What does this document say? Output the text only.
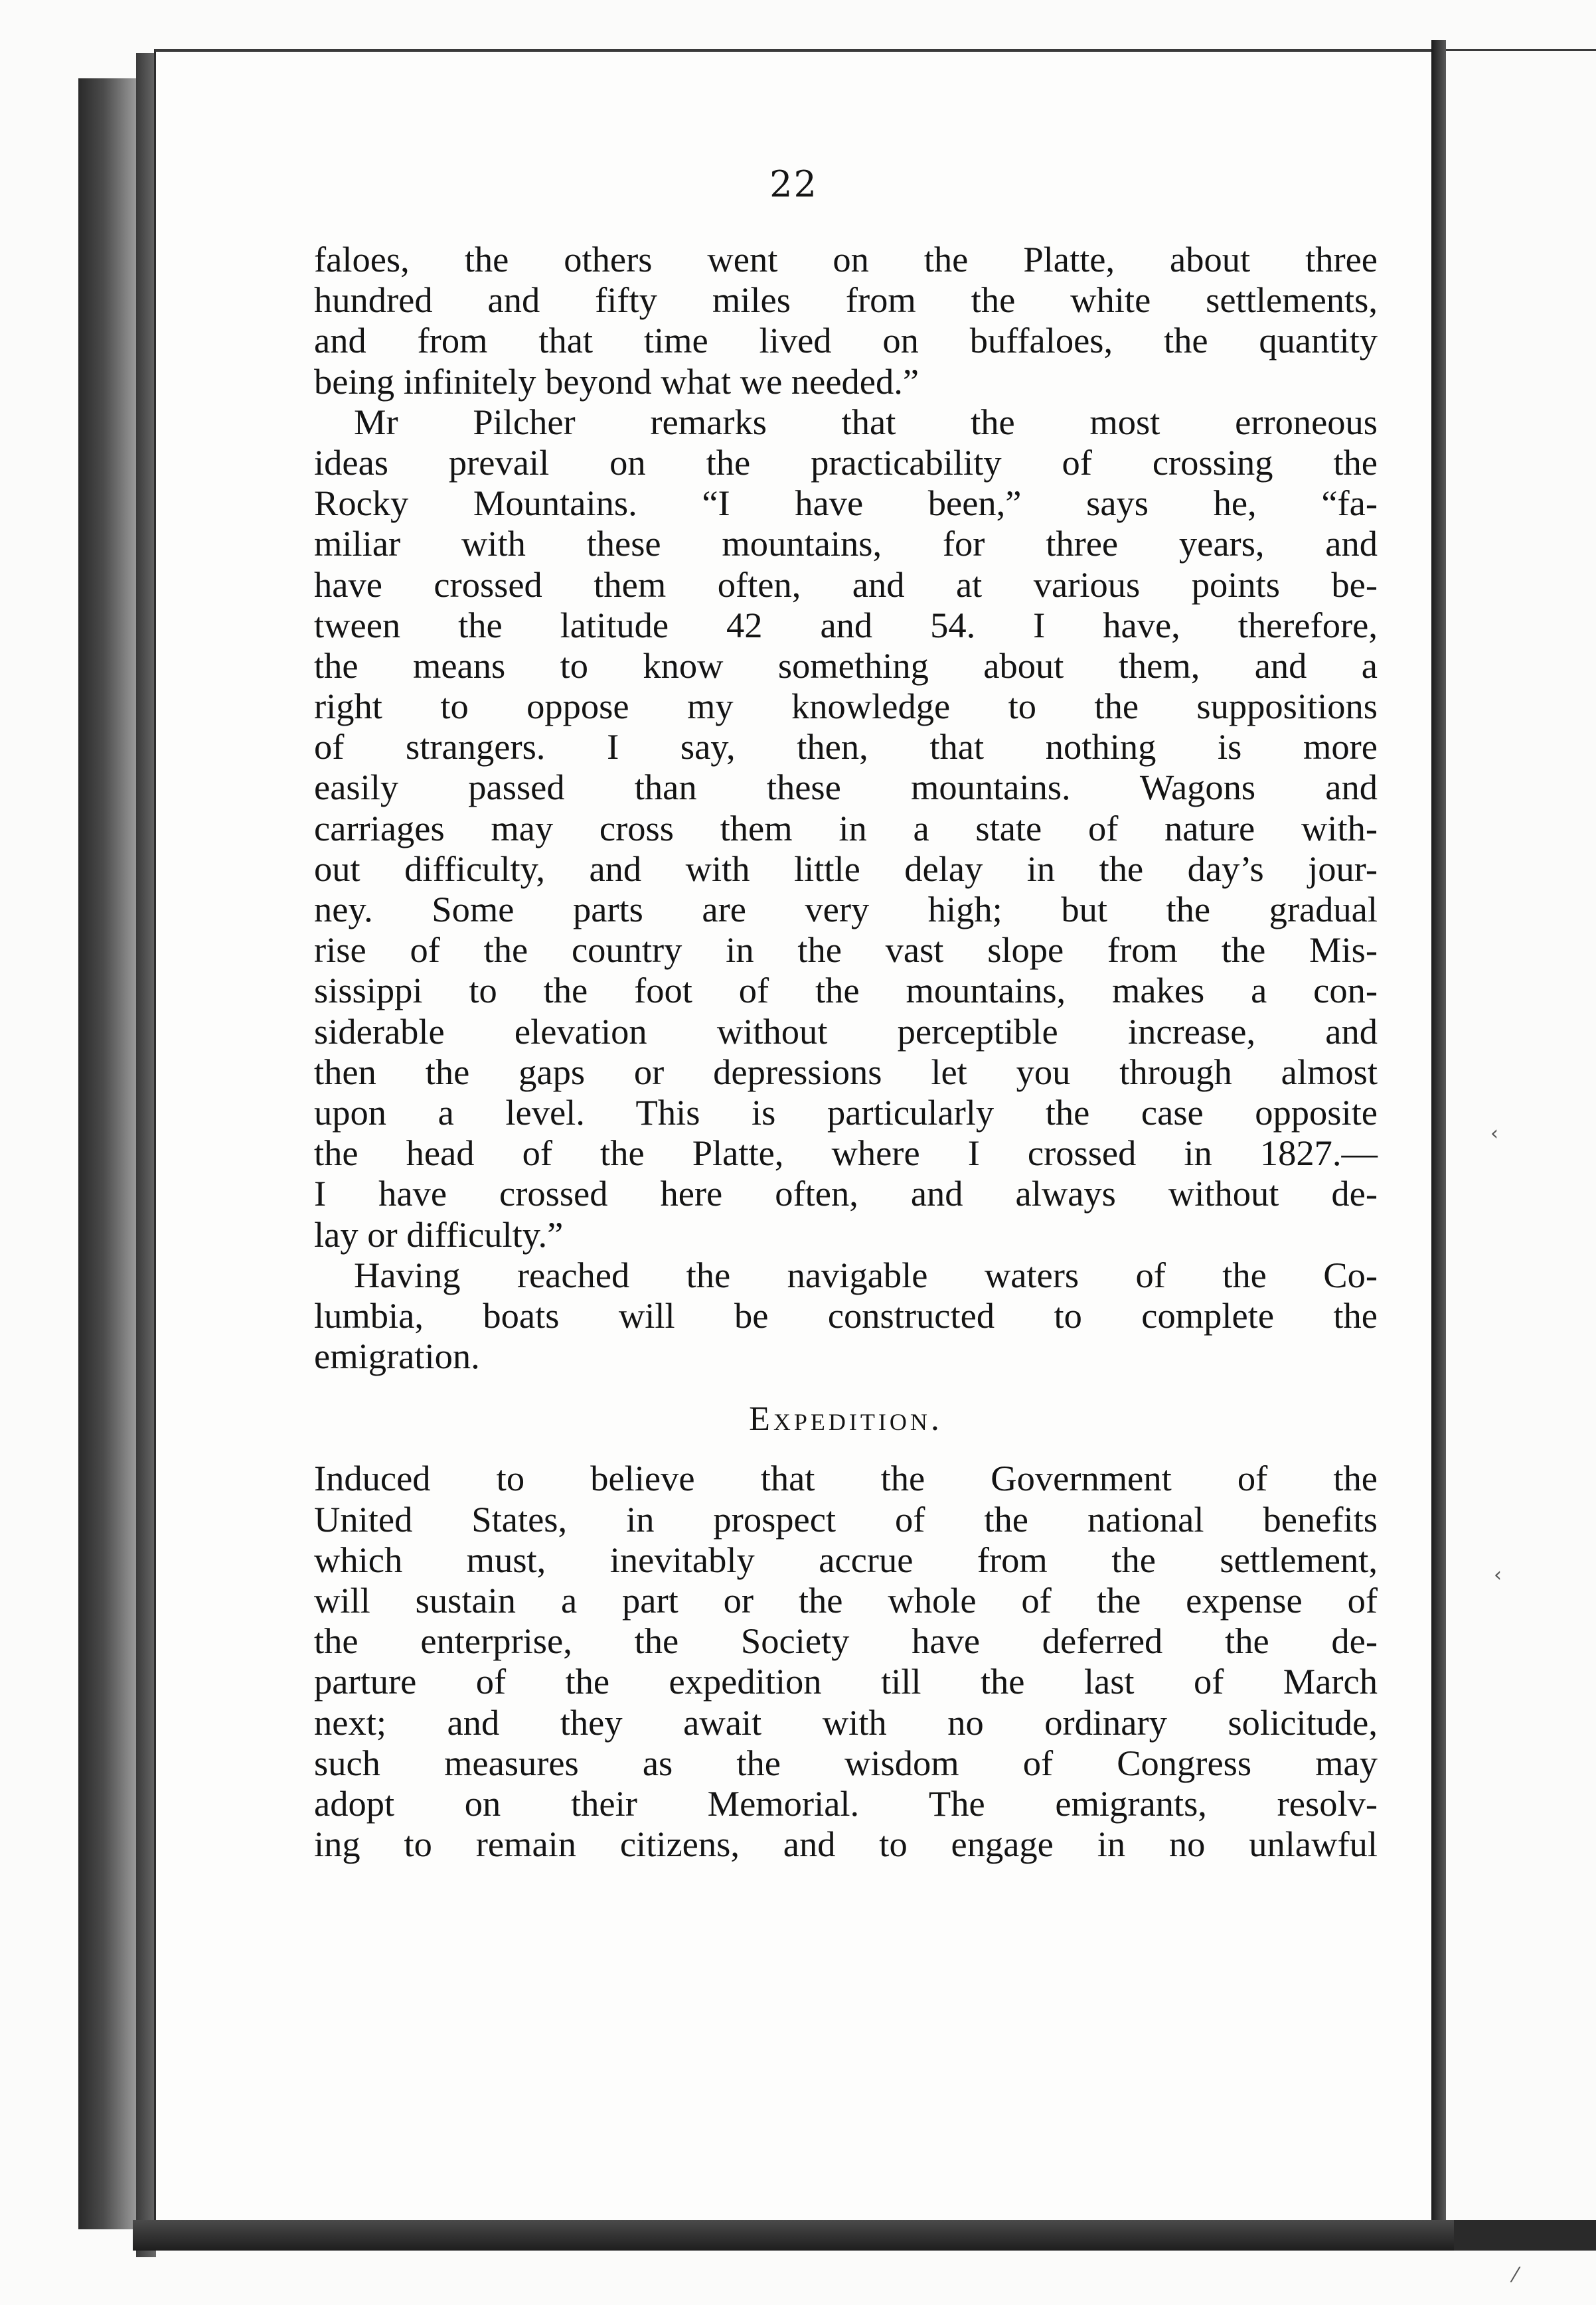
22
faloes, the others went on the Platte, about three
hundred and fifty miles from the white settlements,
and from that time lived on buffaloes, the quantity
being infinitely beyond what we needed.”
Mr Pilcher remarks that the most erroneous
ideas prevail on the practicability of crossing the
Rocky Mountains. “I have been,” says he, “fa-
miliar with these mountains, for three years, and
have crossed them often, and at various points be-
tween the latitude 42 and 54. I have, therefore,
the means to know something about them, and a
right to oppose my knowledge to the suppositions
of strangers. I say, then, that nothing is more
easily passed than these mountains. Wagons and
carriages may cross them in a state of nature with-
out difficulty, and with little delay in the day’s jour-
ney. Some parts are very high; but the gradual
rise of the country in the vast slope from the Mis-
sissippi to the foot of the mountains, makes a con-
siderable elevation without perceptible increase, and
then the gaps or depressions let you through almost
upon a level. This is particularly the case opposite
the head of the Platte, where I crossed in 1827.—
I have crossed here often, and always without de-
lay or difficulty.”
Having reached the navigable waters of the Co-
lumbia, boats will be constructed to complete the
emigration.
Expedition.
Induced to believe that the Government of the
United States, in prospect of the national benefits
which must, inevitably accrue from the settlement,
will sustain a part or the whole of the expense of
the enterprise, the Society have deferred the de-
parture of the expedition till the last of March
next; and they await with no ordinary solicitude,
such measures as the wisdom of Congress may
adopt on their Memorial. The emigrants, resolv-
ing to remain citizens, and to engage in no unlawful
‹
‹
⁄
